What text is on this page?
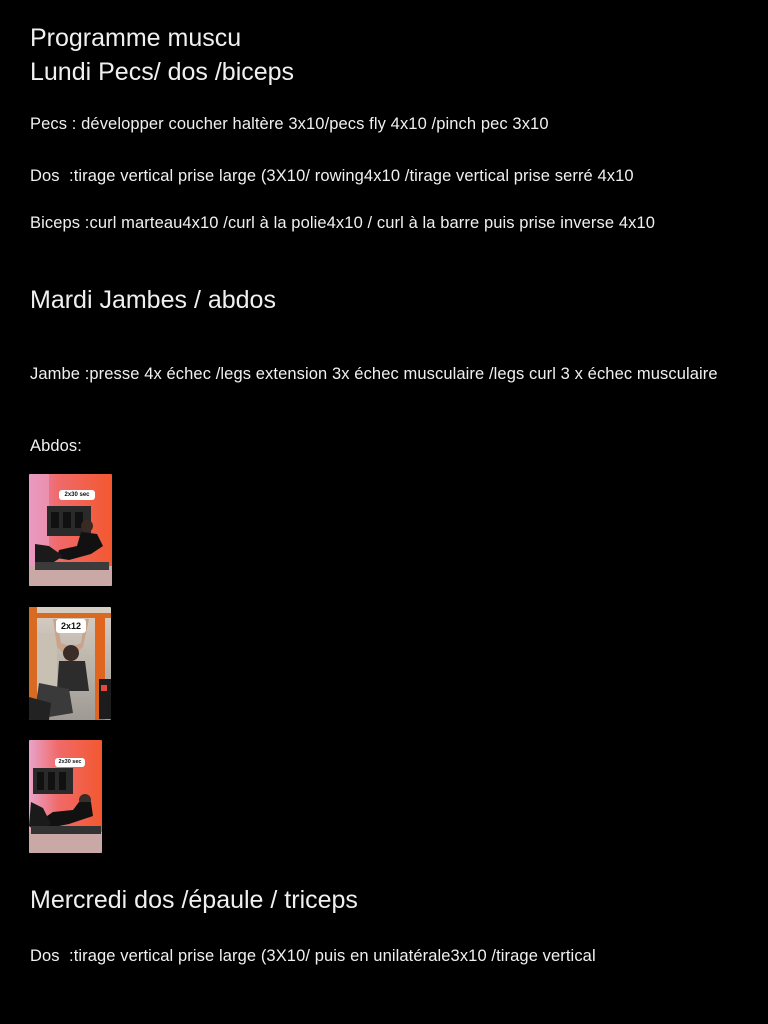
Programme muscu

Lundi Pecs/ dos /biceps

Pecs : développer coucher haltère 3x10/pecs fly 4x10 /pinch pec 3x10

Dos  :tirage vertical prise large (3X10/ rowing4x10 /tirage vertical prise serré 4x10

Biceps :curl marteau4x10 /curl à la polie4x10 / curl à la barre puis prise inverse 4x10

Mardi Jambes / abdos

Jambe :presse 4x échec /legs extension 3x échec musculaire /legs curl 3 x échec musculaire

Abdos:

2x30 sec
2x12
2x30 sec

Mercredi dos /épaule / triceps

Dos  :tirage vertical prise large (3X10/ puis en unilatérale3x10 /tirage vertical
